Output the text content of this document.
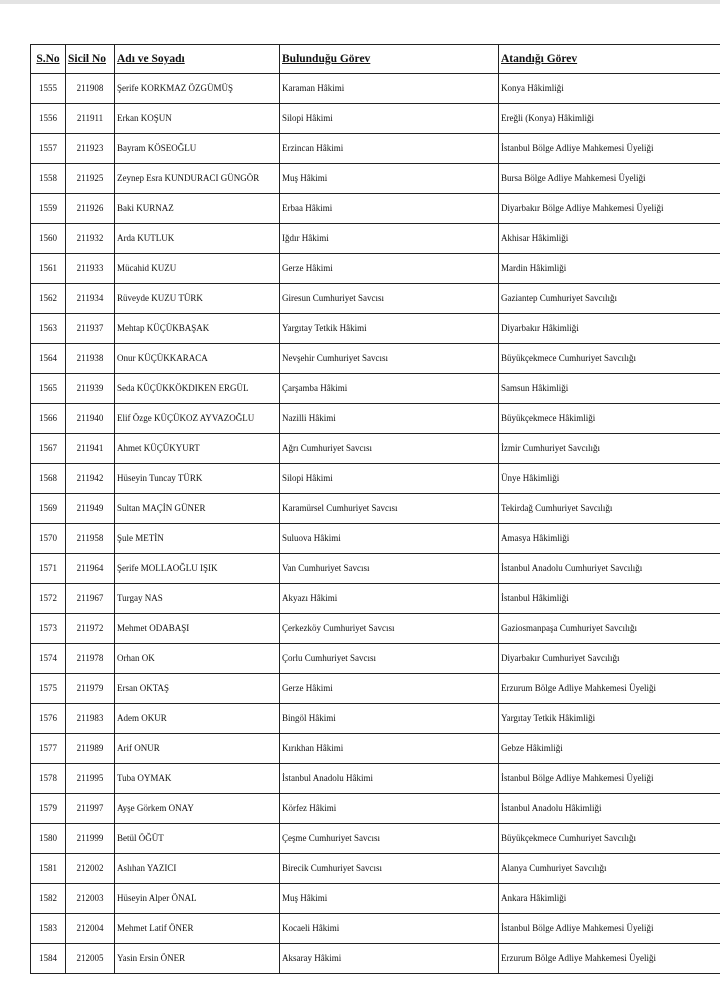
S.No	Sicil No	Adı ve Soyadı	Bulunduğu Görev	Atandığı Görev
1555	211908	Şerife KORKMAZ ÖZGÜMÜŞ	Karaman Hâkimi	Konya Hâkimliği
1556	211911	Erkan KOŞUN	Silopi Hâkimi	Ereğli (Konya) Hâkimliği
1557	211923	Bayram KÖSEOĞLU	Erzincan Hâkimi	İstanbul Bölge Adliye Mahkemesi Üyeliği
1558	211925	Zeynep Esra KUNDURACI GÜNGÖR	Muş Hâkimi	Bursa Bölge Adliye Mahkemesi Üyeliği
1559	211926	Baki KURNAZ	Erbaa Hâkimi	Diyarbakır Bölge Adliye Mahkemesi Üyeliği
1560	211932	Arda KUTLUK	Iğdır Hâkimi	Akhisar Hâkimliği
1561	211933	Mücahid KUZU	Gerze Hâkimi	Mardin Hâkimliği
1562	211934	Rüveyde KUZU TÜRK	Giresun Cumhuriyet Savcısı	Gaziantep Cumhuriyet Savcılığı
1563	211937	Mehtap KÜÇÜKBAŞAK	Yargıtay Tetkik Hâkimi	Diyarbakır Hâkimliği
1564	211938	Onur KÜÇÜKKARACA	Nevşehir Cumhuriyet Savcısı	Büyükçekmece Cumhuriyet Savcılığı
1565	211939	Seda KÜÇÜKKÖKDIKEN ERGÜL	Çarşamba Hâkimi	Samsun Hâkimliği
1566	211940	Elif Özge KÜÇÜKOZ AYVAZOĞLU	Nazilli Hâkimi	Büyükçekmece Hâkimliği
1567	211941	Ahmet KÜÇÜKYURT	Ağrı Cumhuriyet Savcısı	İzmir Cumhuriyet Savcılığı
1568	211942	Hüseyin Tuncay TÜRK	Silopi Hâkimi	Ünye Hâkimliği
1569	211949	Sultan MAÇİN GÜNER	Karamürsel Cumhuriyet Savcısı	Tekirdağ Cumhuriyet Savcılığı
1570	211958	Şule METİN	Suluova Hâkimi	Amasya Hâkimliği
1571	211964	Şerife MOLLAOĞLU IŞIK	Van Cumhuriyet Savcısı	İstanbul Anadolu Cumhuriyet Savcılığı
1572	211967	Turgay NAS	Akyazı Hâkimi	İstanbul Hâkimliği
1573	211972	Mehmet ODABAŞI	Çerkezköy Cumhuriyet Savcısı	Gaziosmanpaşa Cumhuriyet Savcılığı
1574	211978	Orhan OK	Çorlu Cumhuriyet Savcısı	Diyarbakır Cumhuriyet Savcılığı
1575	211979	Ersan OKTAŞ	Gerze Hâkimi	Erzurum Bölge Adliye Mahkemesi Üyeliği
1576	211983	Adem OKUR	Bingöl Hâkimi	Yargıtay Tetkik Hâkimliği
1577	211989	Arif ONUR	Kırıkhan Hâkimi	Gebze Hâkimliği
1578	211995	Tuba OYMAK	İstanbul Anadolu Hâkimi	İstanbul Bölge Adliye Mahkemesi Üyeliği
1579	211997	Ayşe Görkem ONAY	Körfez Hâkimi	İstanbul Anadolu Hâkimliği
1580	211999	Betül ÖĞÜT	Çeşme Cumhuriyet Savcısı	Büyükçekmece Cumhuriyet Savcılığı
1581	212002	Aslıhan YAZICI	Birecik Cumhuriyet Savcısı	Alanya Cumhuriyet Savcılığı
1582	212003	Hüseyin Alper ÖNAL	Muş Hâkimi	Ankara Hâkimliği
1583	212004	Mehmet Latif ÖNER	Kocaeli Hâkimi	İstanbul Bölge Adliye Mahkemesi Üyeliği
1584	212005	Yasin Ersin ÖNER	Aksaray Hâkimi	Erzurum Bölge Adliye Mahkemesi Üyeliği
